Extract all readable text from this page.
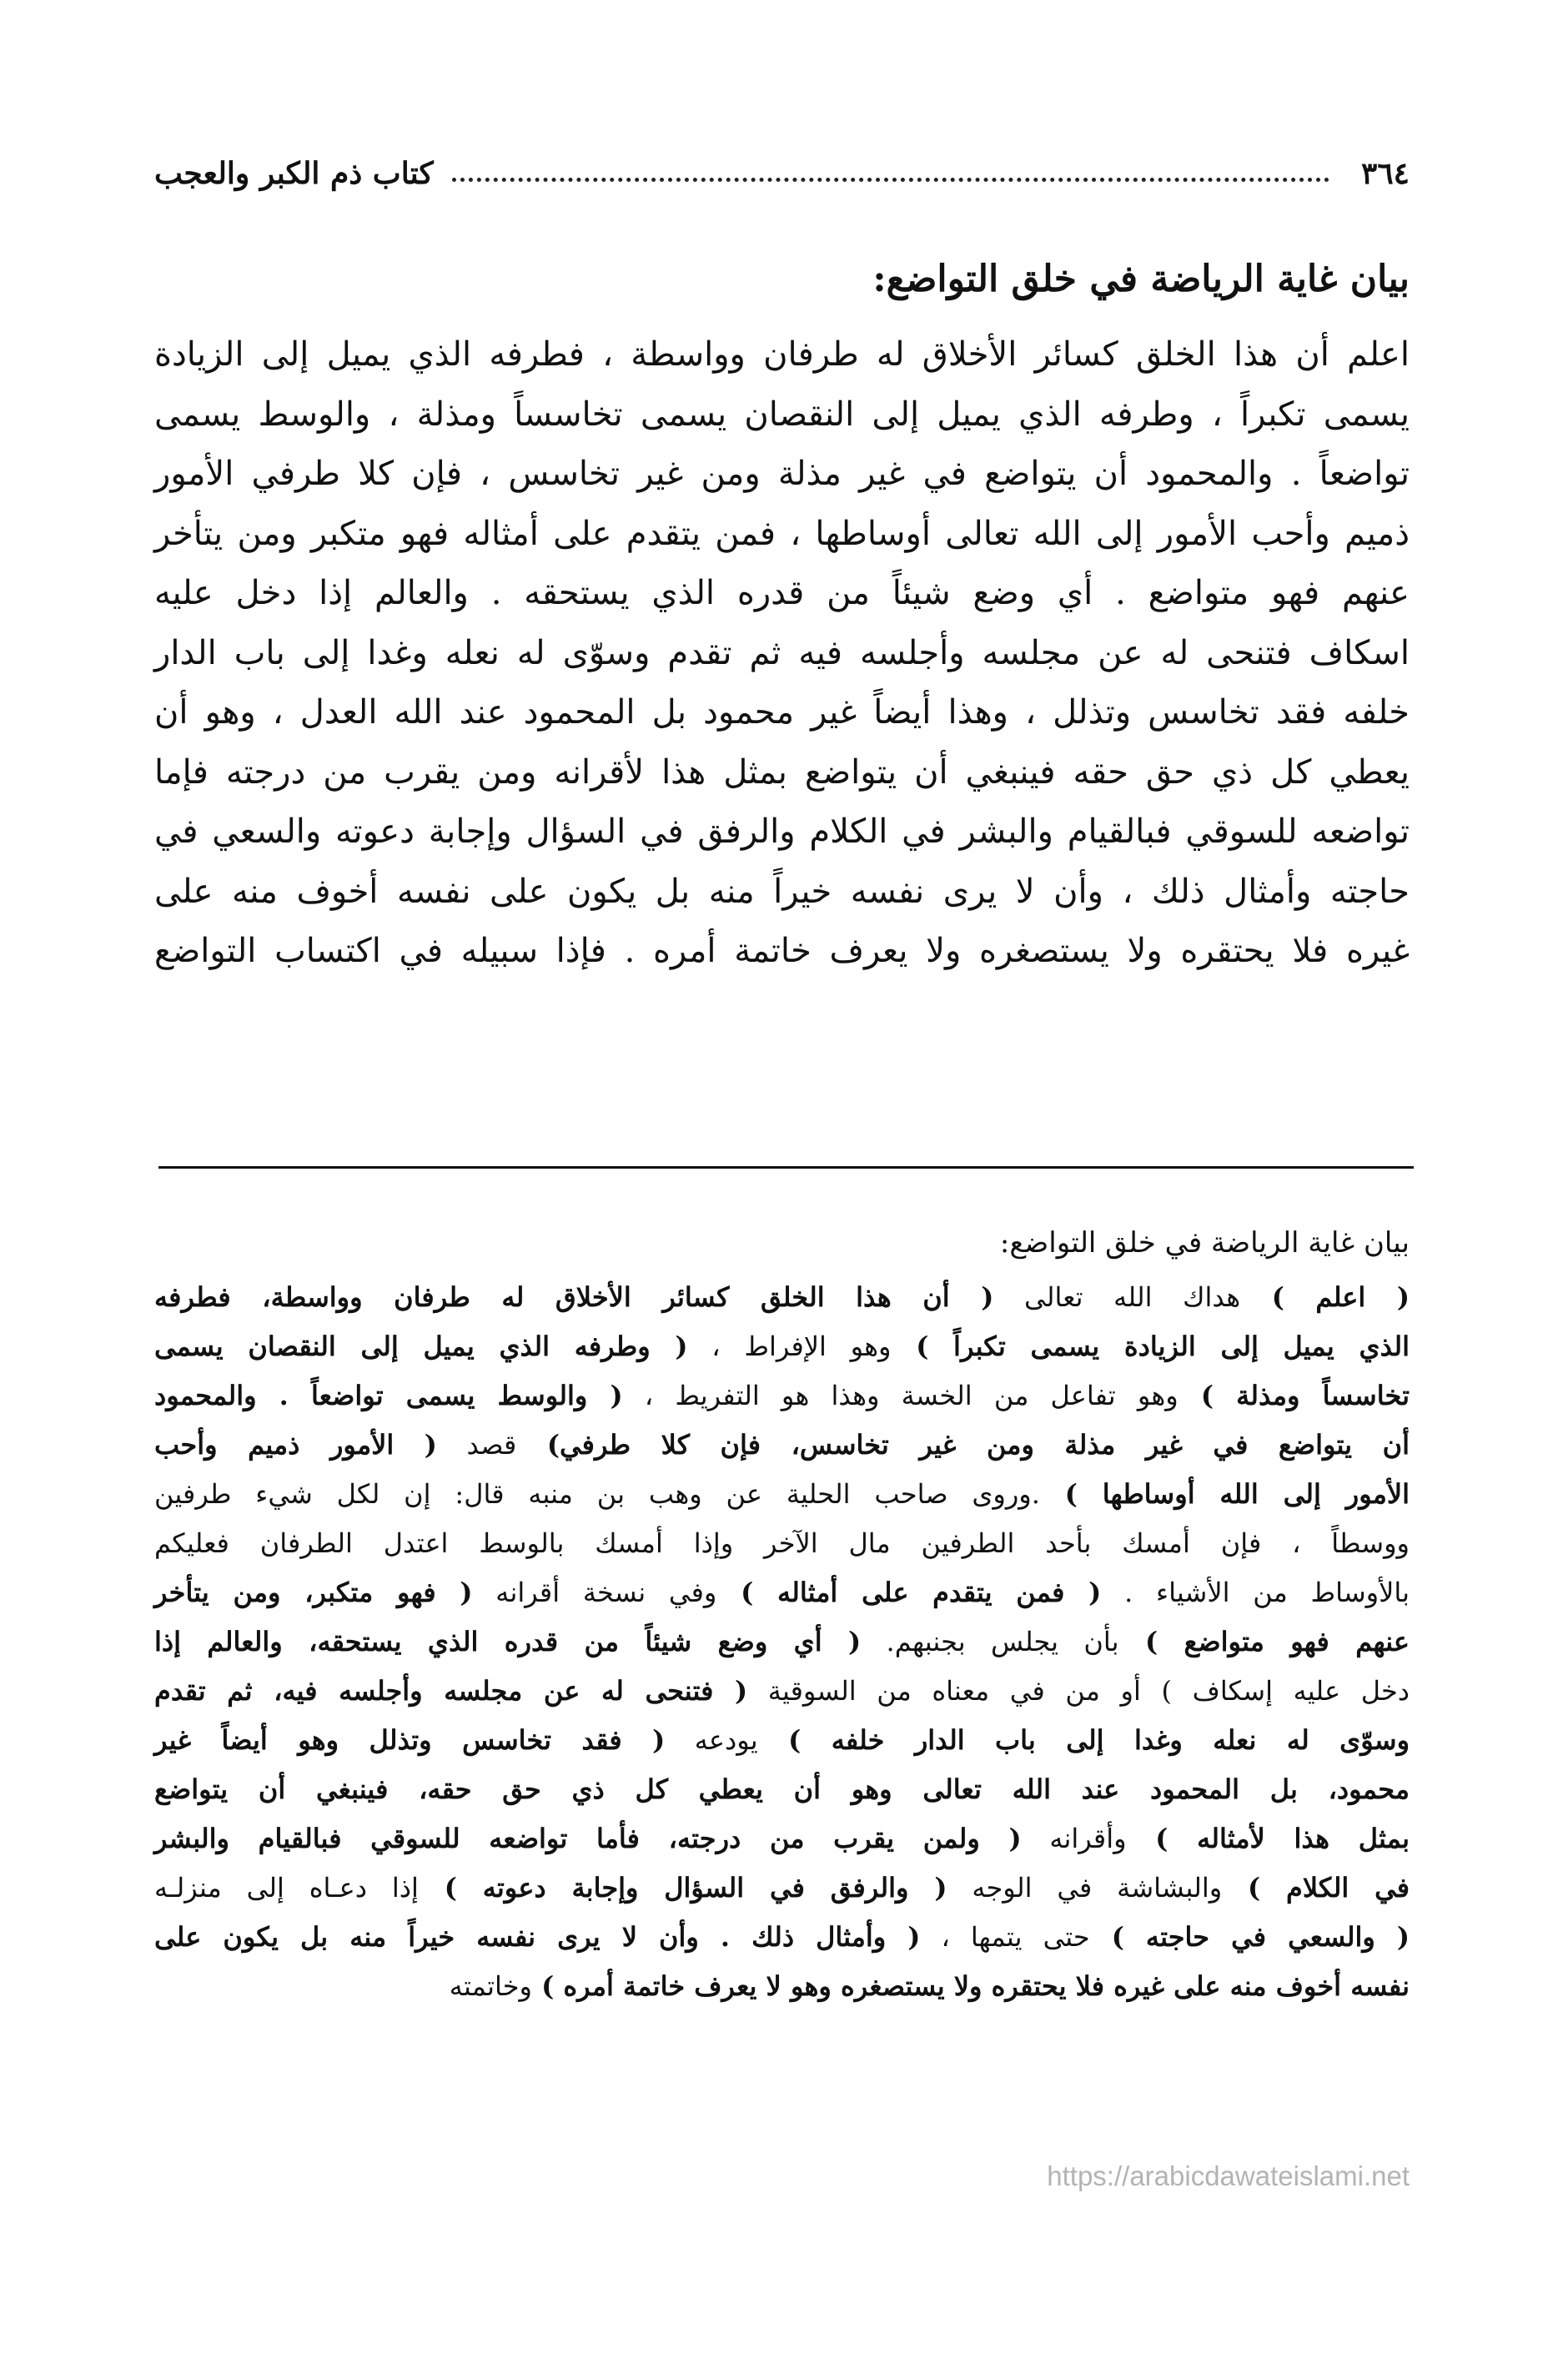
٣٦٤
كتاب ذم الكبر والعجب
بيان غاية الرياضة في خلق التواضع:

اعلم أن هذا الخلق كسائر الأخلاق له طرفان وواسطة ، فطرفه الذي يميل إلى الزيادة
يسمى تكبراً ، وطرفه الذي يميل إلى النقصان يسمى تخاسساً ومذلة ، والوسط يسمى
تواضعاً . والمحمود أن يتواضع في غير مذلة ومن غير تخاسس ، فإن كلا طرفي الأمور
ذميم وأحب الأمور إلى الله تعالى أوساطها ، فمن يتقدم على أمثاله فهو متكبر ومن يتأخر
عنهم فهو متواضع . أي وضع شيئاً من قدره الذي يستحقه . والعالم إذا دخل عليه
اسكاف فتنحى له عن مجلسه وأجلسه فيه ثم تقدم وسوّى له نعله وغدا إلى باب الدار
خلفه فقد تخاسس وتذلل ، وهذا أيضاً غير محمود بل المحمود عند الله العدل ، وهو أن
يعطي كل ذي حق حقه فينبغي أن يتواضع بمثل هذا لأقرانه ومن يقرب من درجته فإما
تواضعه للسوقي فبالقيام والبشر في الكلام والرفق في السؤال وإجابة دعوته والسعي في
حاجته وأمثال ذلك ، وأن لا يرى نفسه خيراً منه بل يكون على نفسه أخوف منه على
غيره فلا يحتقره ولا يستصغره ولا يعرف خاتمة أمره . فإذا سبيله في اكتساب التواضع

بيان غاية الرياضة في خلق التواضع:
( اعلم ) هداك الله تعالى ( أن هذا الخلق كسائر الأخلاق له طرفان وواسطة، فطرفه
الذي يميل إلى الزيادة يسمى تكبراً ) وهو الإفراط ، ( وطرفه الذي يميل إلى النقصان يسمى
تخاسساً ومذلة ) وهو تفاعل من الخسة وهذا هو التفريط ، ( والوسط يسمى تواضعاً . والمحمود
أن يتواضع في غير مذلة ومن غير تخاسس، فإن كلا طرفي) قصد ( الأمور ذميم وأحب
الأمور إلى الله أوساطها ) .وروى صاحب الحلية عن وهب بن منبه قال: إن لكل شيء طرفين
ووسطاً ، فإن أمسك بأحد الطرفين مال الآخر وإذا أمسك بالوسط اعتدل الطرفان فعليكم
بالأوساط من الأشياء . ( فمن يتقدم على أمثاله ) وفي نسخة أقرانه ( فهو متكبر، ومن يتأخر
عنهم فهو متواضع ) بأن يجلس بجنبهم. ( أي وضع شيئاً من قدره الذي يستحقه، والعالم إذا
دخل عليه إسكاف ) أو من في معناه من السوقية ( فتنحى له عن مجلسه وأجلسه فيه، ثم تقدم
وسوّى له نعله وغدا إلى باب الدار خلفه ) يودعه ( فقد تخاسس وتذلل وهو أيضاً غير
محمود، بل المحمود عند الله تعالى وهو أن يعطي كل ذي حق حقه، فينبغي أن يتواضع
بمثل هذا لأمثاله ) وأقرانه ( ولمن يقرب من درجته، فأما تواضعه للسوقي فبالقيام والبشر
في الكلام ) والبشاشة في الوجه ( والرفق في السؤال وإجابة دعوته ) إذا دعـاه إلى منزلـه
( والسعي في حاجته ) حتى يتمها ، ( وأمثال ذلك . وأن لا يرى نفسه خيراً منه بل يكون على
نفسه أخوف منه على غيره فلا يحتقره ولا يستصغره وهو لا يعرف خاتمة أمره ) وخاتمته
https://arabicdawateislami.net
